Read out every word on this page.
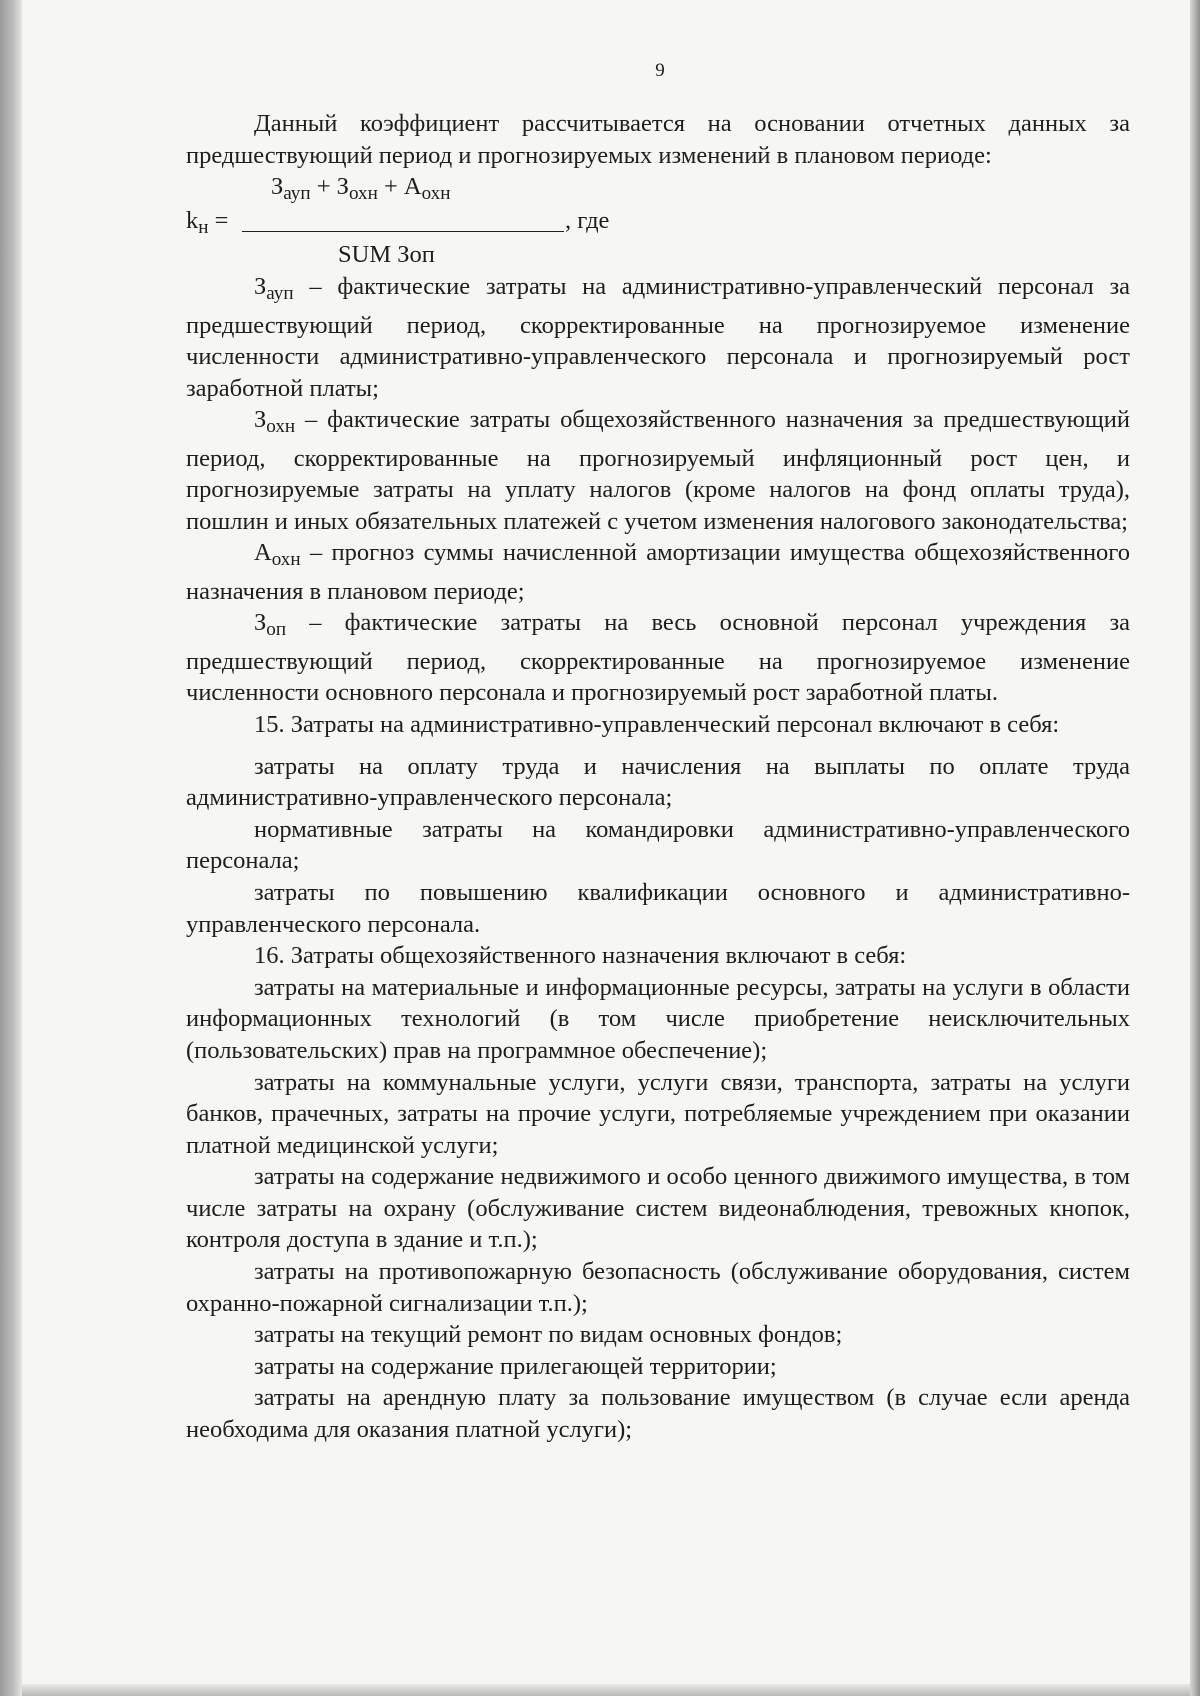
9

Данный коэффициент рассчитывается на основании отчетных данных за предшествующий период и прогнозируемых изменений в плановом периоде:

$З_{ауп} + З_{охн} + А_{охн}$
$k_н$ =	, где
SUM Зоп

$З_{ауп}$ – фактические затраты на административно-управленческий персонал за предшествующий период, скорректированные на прогнозируемое изменение численности административно-управленческого персонала и прогнозируемый рост заработной платы;

$З_{охн}$ – фактические затраты общехозяйственного назначения за предшествующий период, скорректированные на прогнозируемый инфляционный рост цен, и прогнозируемые затраты на уплату налогов (кроме налогов на фонд оплаты труда), пошлин и иных обязательных платежей с учетом изменения налогового законодательства;

$А_{охн}$ – прогноз суммы начисленной амортизации имущества общехозяйственного назначения в плановом периоде;

$З_{оп}$ – фактические затраты на весь основной персонал учреждения за предшествующий период, скорректированные на прогнозируемое изменение численности основного персонала и прогнозируемый рост заработной платы.

15. Затраты на административно-управленческий персонал включают в себя:

затраты на оплату труда и начисления на выплаты по оплате труда административно-управленческого персонала;

нормативные затраты на командировки административно-управленческого персонала;

затраты по повышению квалификации основного и административно-управленческого персонала.

16. Затраты общехозяйственного назначения включают в себя:

затраты на материальные и информационные ресурсы, затраты на услуги в области информационных технологий (в том числе приобретение неисключительных (пользовательских) прав на программное обеспечение);

затраты на коммунальные услуги, услуги связи, транспорта, затраты на услуги банков, прачечных, затраты на прочие услуги, потребляемые учреждением при оказании платной медицинской услуги;

затраты на содержание недвижимого и особо ценного движимого имущества, в том числе затраты на охрану (обслуживание систем видеонаблюдения, тревожных кнопок, контроля доступа в здание и т.п.);

затраты на противопожарную безопасность (обслуживание оборудования, систем охранно-пожарной сигнализации т.п.);

затраты на текущий ремонт по видам основных фондов;

затраты на содержание прилегающей территории;

затраты на арендную плату за пользование имуществом (в случае если аренда необходима для оказания платной услуги);
